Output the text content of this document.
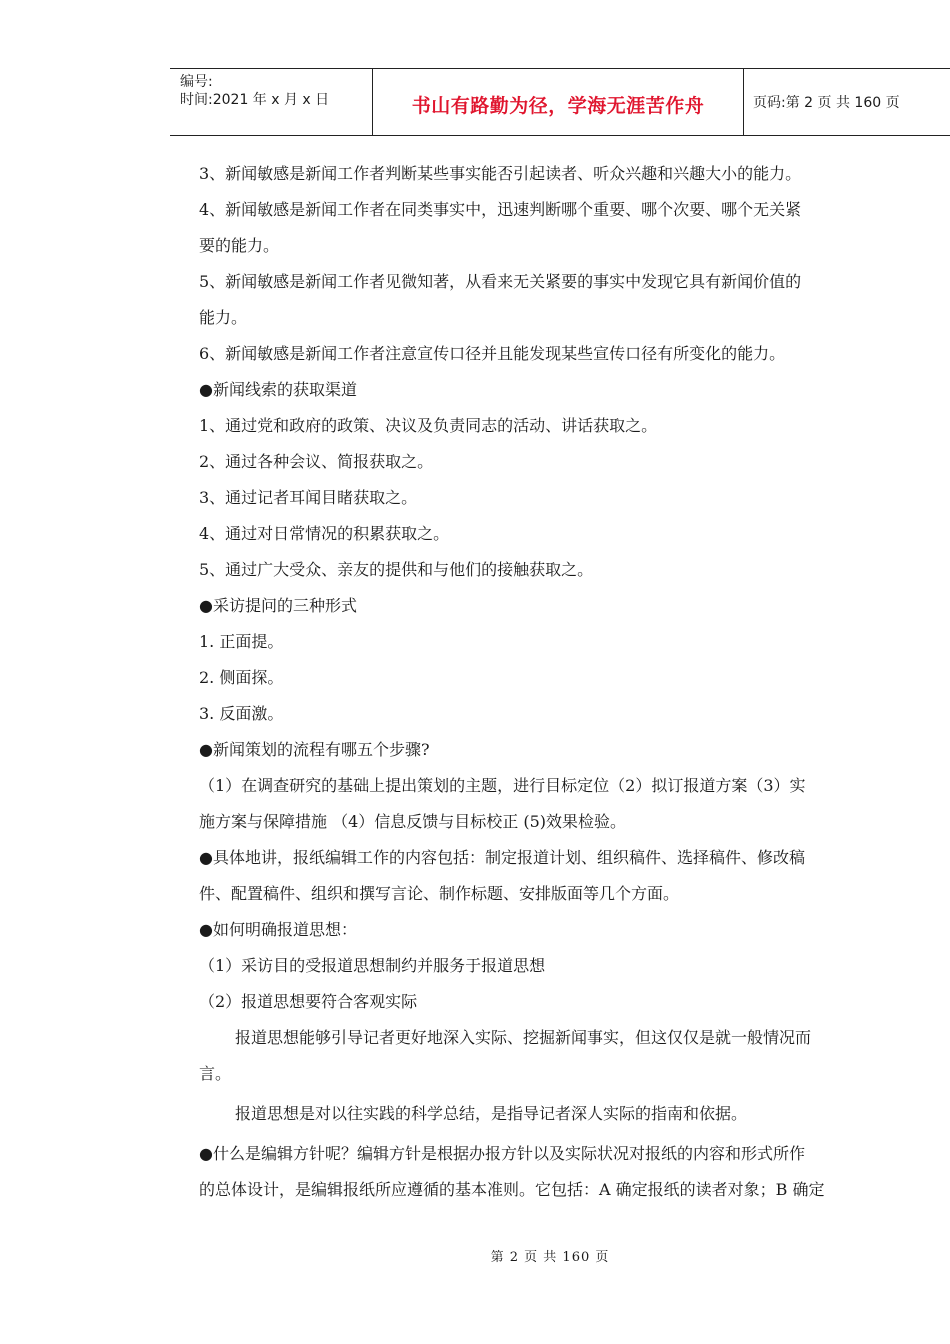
编号:
时间:2021 年 x 月 x 日	书山有路勤为径，学海无涯苦作舟	页码:第 2 页 共 160 页
3、新闻敏感是新闻工作者判断某些事实能否引起读者、听众兴趣和兴趣大小的能力。
4、新闻敏感是新闻工作者在同类事实中，迅速判断哪个重要、哪个次要、哪个无关紧
要的能力。
5、新闻敏感是新闻工作者见微知著，从看来无关紧要的事实中发现它具有新闻价值的
能力。
6、新闻敏感是新闻工作者注意宣传口径并且能发现某些宣传口径有所变化的能力。
●新闻线索的获取渠道
1、通过党和政府的政策、决议及负责同志的活动、讲话获取之。
2、通过各种会议、简报获取之。
3、通过记者耳闻目睹获取之。
4、通过对日常情况的积累获取之。
5、通过广大受众、亲友的提供和与他们的接触获取之。
●采访提问的三种形式
1. 正面提。
2. 侧面探。
3. 反面激。
●新闻策划的流程有哪五个步骤?
（1）在调查研究的基础上提出策划的主题，进行目标定位（2）拟订报道方案（3）实
施方案与保障措施 （4）信息反馈与目标校正 (5)效果检验。
●具体地讲，报纸编辑工作的内容包括：制定报道计划、组织稿件、选择稿件、修改稿
件、配置稿件、组织和撰写言论、制作标题、安排版面等几个方面。
●如何明确报道思想：
（1）采访目的受报道思想制约并服务于报道思想
（2）报道思想要符合客观实际
报道思想能够引导记者更好地深入实际、挖掘新闻事实，但这仅仅是就一般情况而
言。
报道思想是对以往实践的科学总结，是指导记者深人实际的指南和依据。
●什么是编辑方针呢？编辑方针是根据办报方针以及实际状况对报纸的内容和形式所作
的总体设计，是编辑报纸所应遵循的基本准则。它包括：A 确定报纸的读者对象；B 确定
第 2 页 共 160 页
